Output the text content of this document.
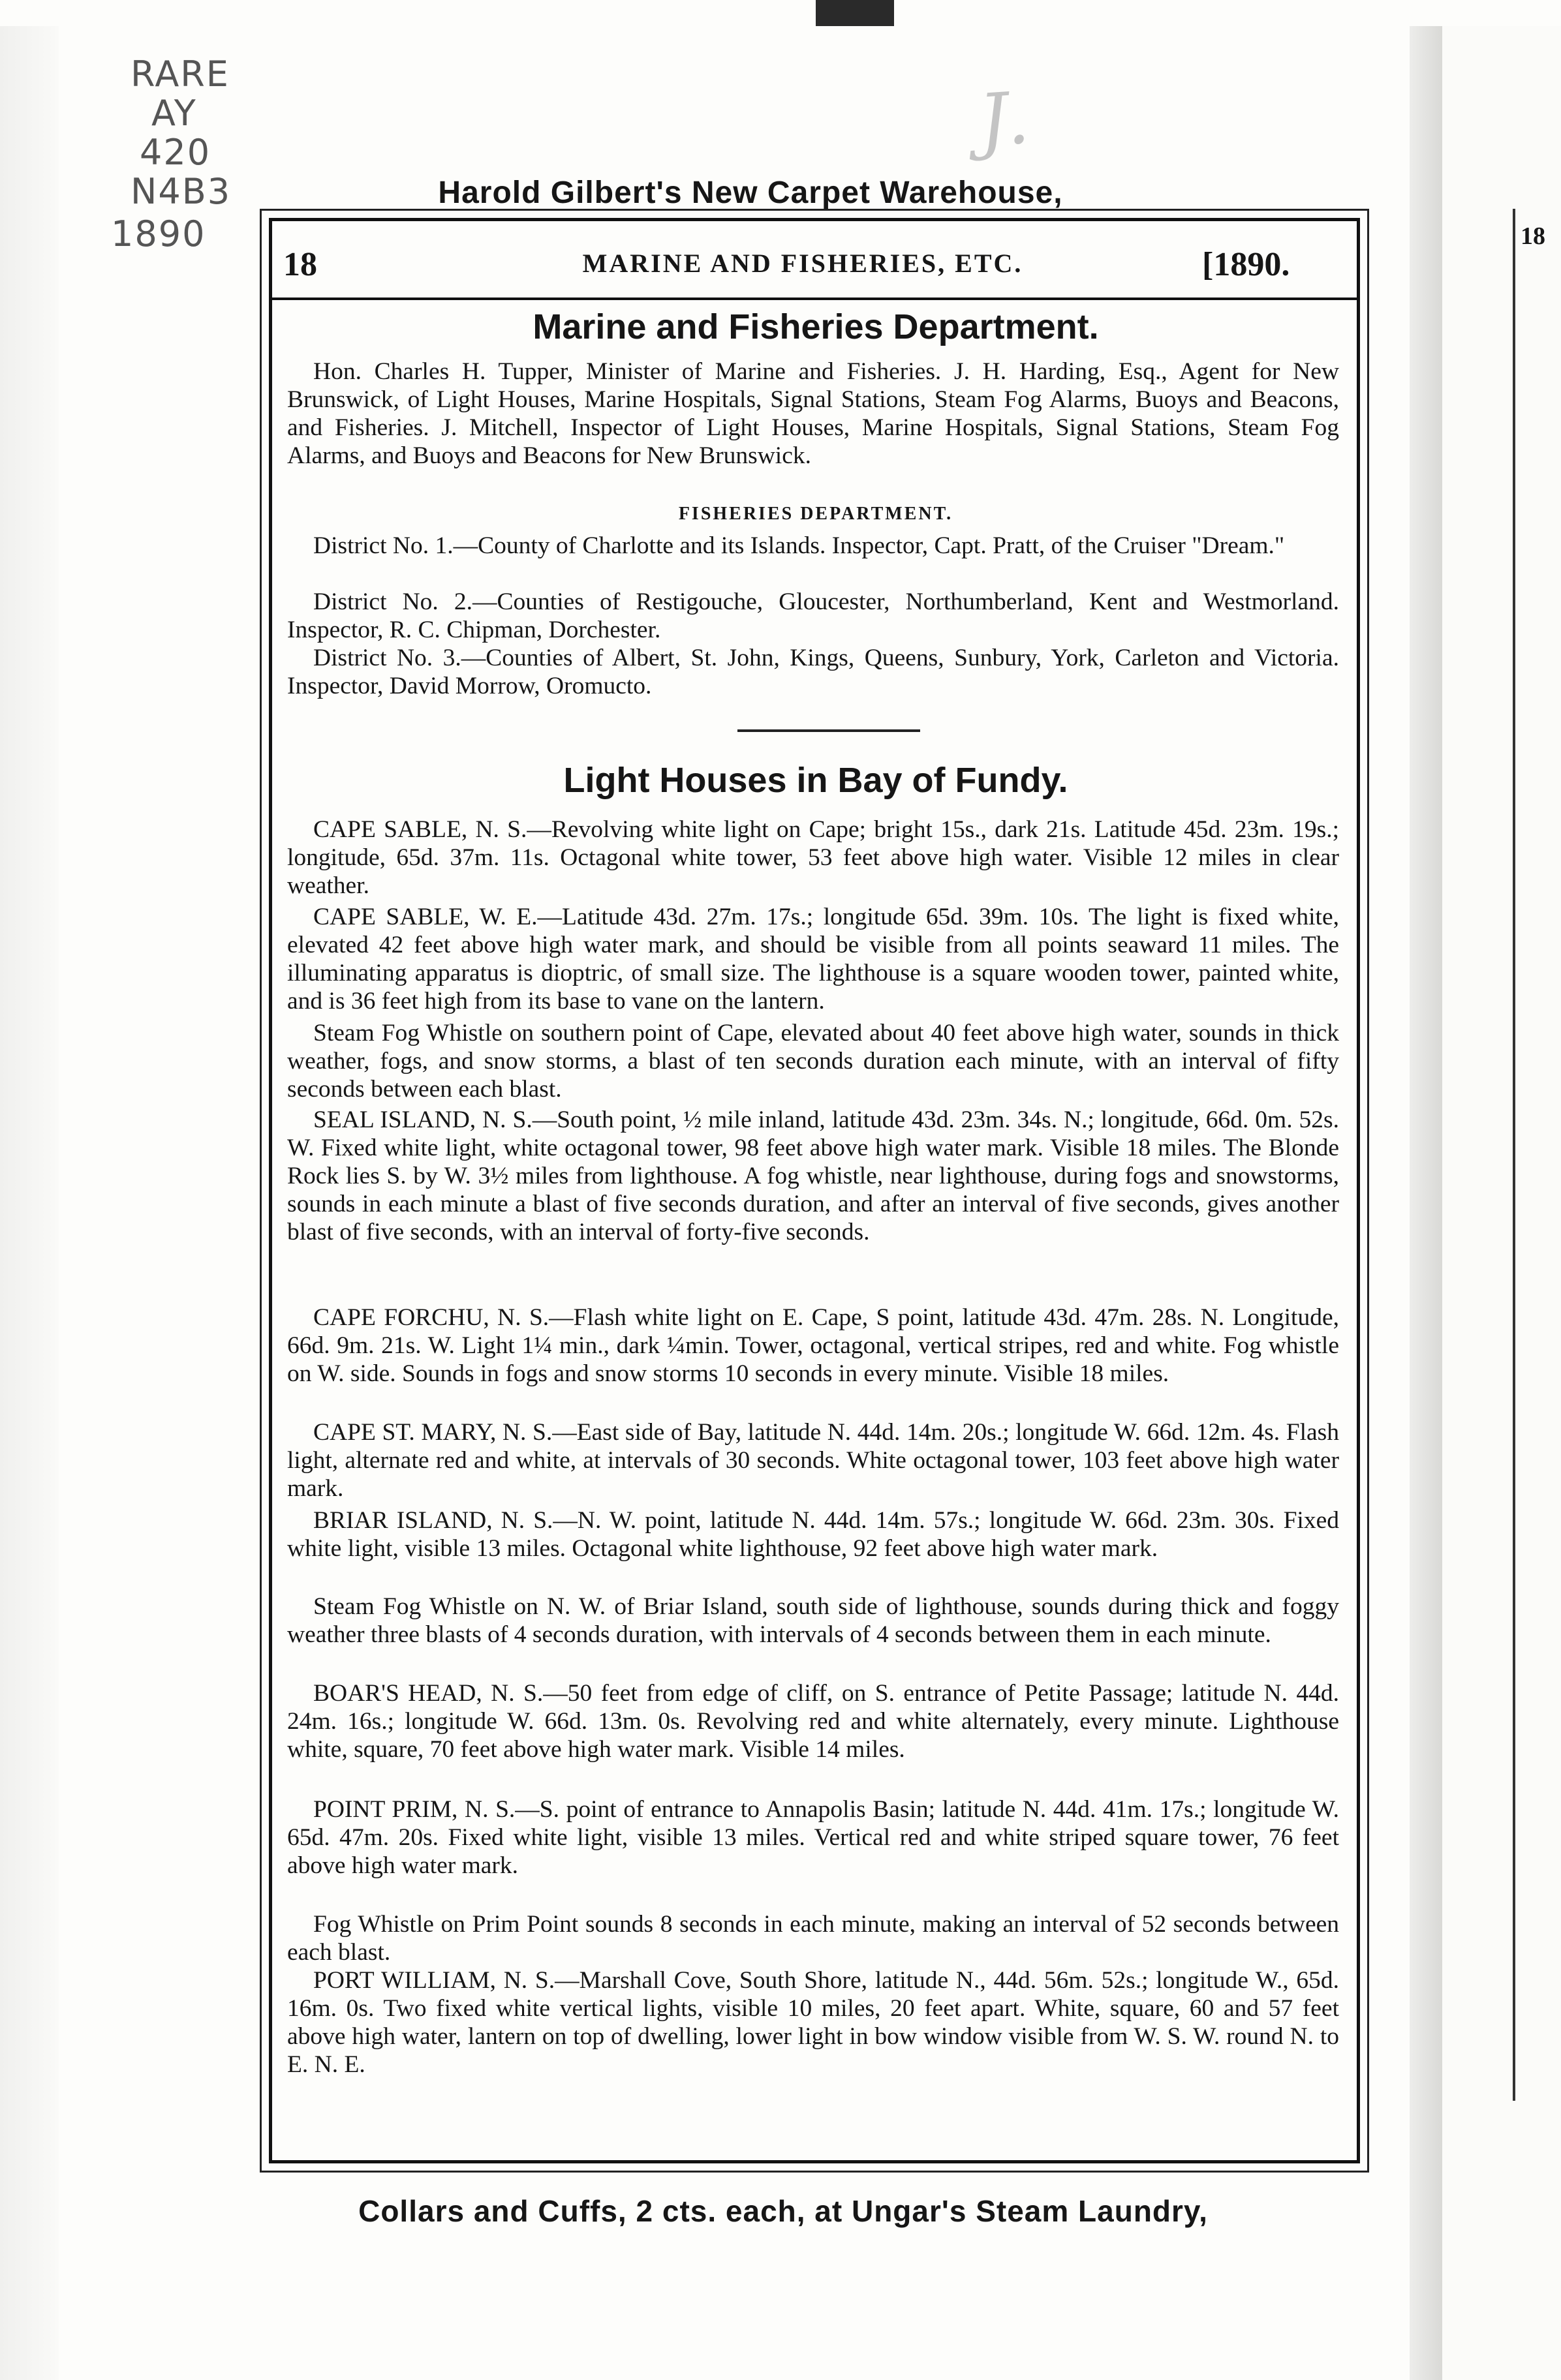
18
RARE
AY
420
N4B3
1890
J.
Harold Gilbert's New Carpet Warehouse,
18	MARINE AND FISHERIES, ETC.	[1890.
Marine and Fisheries Department.
Hon. Charles H. Tupper, Minister of Marine and Fisheries. J. H. Harding, Esq., Agent for New Brunswick, of Light Houses, Marine Hospitals, Signal Stations, Steam Fog Alarms, Buoys and Beacons, and Fisheries. J. Mitchell, Inspector of Light Houses, Marine Hospitals, Signal Stations, Steam Fog Alarms, and Buoys and Beacons for New Brunswick.
FISHERIES DEPARTMENT.
District No. 1.—County of Charlotte and its Islands. Inspector, Capt. Pratt, of the Cruiser "Dream."
District No. 2.—Counties of Restigouche, Gloucester, Northumberland, Kent and Westmorland. Inspector, R. C. Chipman, Dorchester.
District No. 3.—Counties of Albert, St. John, Kings, Queens, Sunbury, York, Carleton and Victoria. Inspector, David Morrow, Oromucto.
Light Houses in Bay of Fundy.
CAPE SABLE, N. S.—Revolving white light on Cape; bright 15s., dark 21s. Latitude 45d. 23m. 19s.; longitude, 65d. 37m. 11s. Octagonal white tower, 53 feet above high water. Visible 12 miles in clear weather.
CAPE SABLE, W. E.—Latitude 43d. 27m. 17s.; longitude 65d. 39m. 10s. The light is fixed white, elevated 42 feet above high water mark, and should be visible from all points seaward 11 miles. The illuminating apparatus is dioptric, of small size. The lighthouse is a square wooden tower, painted white, and is 36 feet high from its base to vane on the lantern.
Steam Fog Whistle on southern point of Cape, elevated about 40 feet above high water, sounds in thick weather, fogs, and snow storms, a blast of ten seconds duration each minute, with an interval of fifty seconds between each blast.
SEAL ISLAND, N. S.—South point, ½ mile inland, latitude 43d. 23m. 34s. N.; longitude, 66d. 0m. 52s. W. Fixed white light, white octagonal tower, 98 feet above high water mark. Visible 18 miles. The Blonde Rock lies S. by W. 3½ miles from lighthouse. A fog whistle, near lighthouse, during fogs and snowstorms, sounds in each minute a blast of five seconds duration, and after an interval of five seconds, gives another blast of five seconds, with an interval of forty-five seconds.
CAPE FORCHU, N. S.—Flash white light on E. Cape, S point, latitude 43d. 47m. 28s. N. Longitude, 66d. 9m. 21s. W. Light 1¼ min., dark ¼min. Tower, octagonal, vertical stripes, red and white. Fog whistle on W. side. Sounds in fogs and snow storms 10 seconds in every minute. Visible 18 miles.
CAPE ST. MARY, N. S.—East side of Bay, latitude N. 44d. 14m. 20s.; longitude W. 66d. 12m. 4s. Flash light, alternate red and white, at intervals of 30 seconds. White octagonal tower, 103 feet above high water mark.
BRIAR ISLAND, N. S.—N. W. point, latitude N. 44d. 14m. 57s.; longitude W. 66d. 23m. 30s. Fixed white light, visible 13 miles. Octagonal white lighthouse, 92 feet above high water mark.
Steam Fog Whistle on N. W. of Briar Island, south side of lighthouse, sounds during thick and foggy weather three blasts of 4 seconds duration, with intervals of 4 seconds between them in each minute.
BOAR'S HEAD, N. S.—50 feet from edge of cliff, on S. entrance of Petite Passage; latitude N. 44d. 24m. 16s.; longitude W. 66d. 13m. 0s. Revolving red and white alternately, every minute. Lighthouse white, square, 70 feet above high water mark. Visible 14 miles.
POINT PRIM, N. S.—S. point of entrance to Annapolis Basin; latitude N. 44d. 41m. 17s.; longitude W. 65d. 47m. 20s. Fixed white light, visible 13 miles. Vertical red and white striped square tower, 76 feet above high water mark.
Fog Whistle on Prim Point sounds 8 seconds in each minute, making an interval of 52 seconds between each blast.
PORT WILLIAM, N. S.—Marshall Cove, South Shore, latitude N., 44d. 56m. 52s.; longitude W., 65d. 16m. 0s. Two fixed white vertical lights, visible 10 miles, 20 feet apart. White, square, 60 and 57 feet above high water, lantern on top of dwelling, lower light in bow window visible from W. S. W. round N. to E. N. E.
Collars and Cuffs, 2 cts. each, at Ungar's Steam Laundry,
